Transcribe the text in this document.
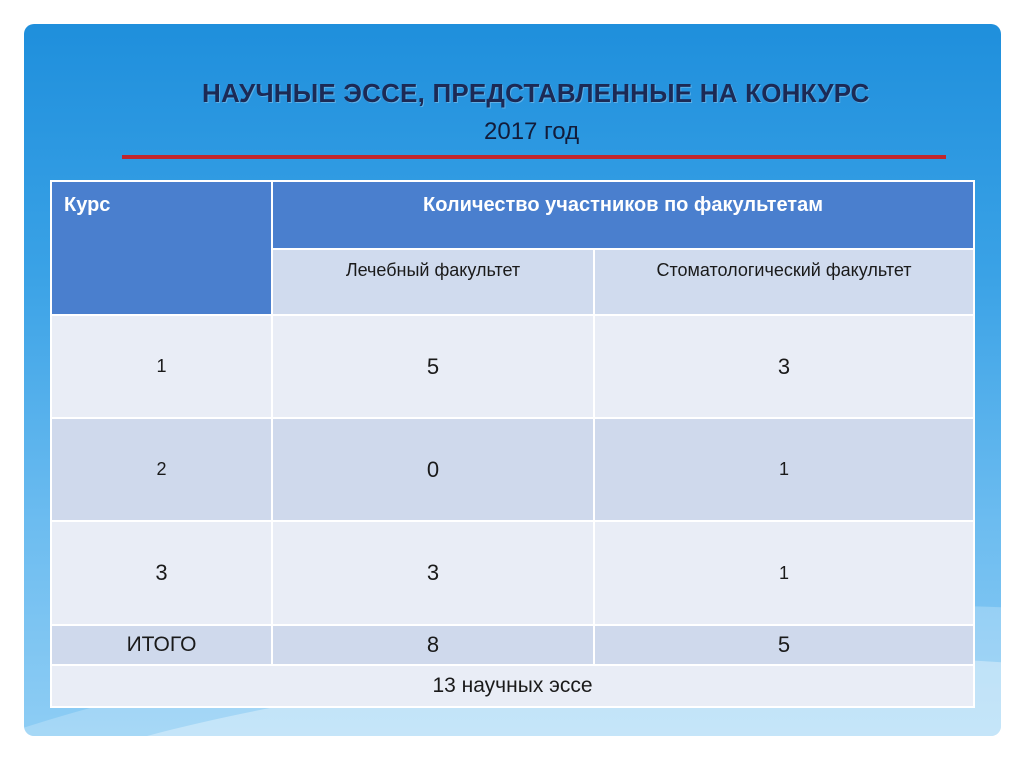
НАУЧНЫЕ ЭССЕ, ПРЕДСТАВЛЕННЫЕ НА КОНКУРС
2017 год
Курс	Количество участников по факультетам	
	Лечебный факультет	Стоматологический факультет
1	5	3
2	0	1
3	3	1
ИТОГО	8	5
13 научных эссе		
